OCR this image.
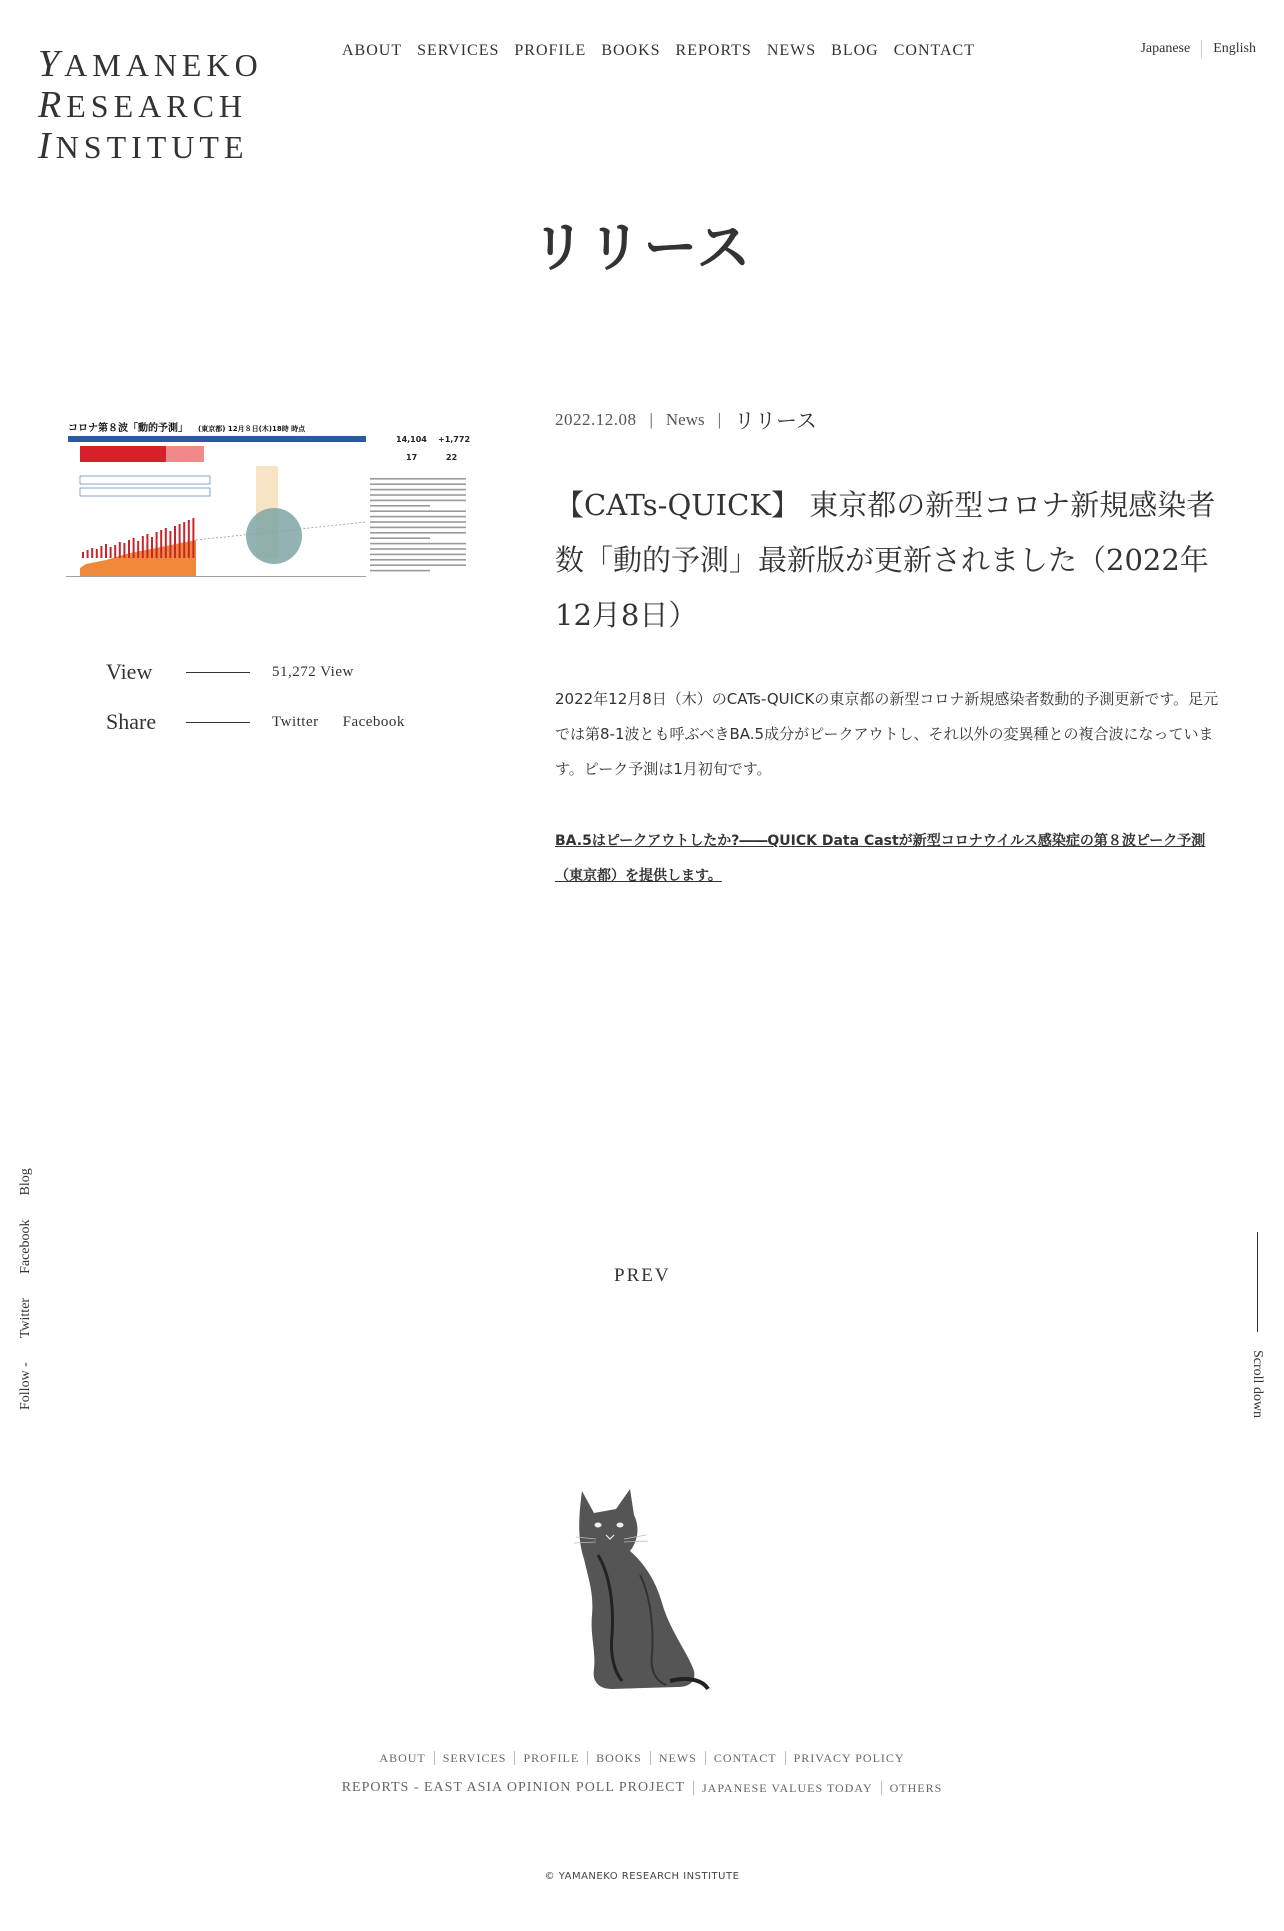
YAMANEKO
RESEARCH
INSTITUTE
ABOUT SERVICES PROFILE BOOKS REPORTS NEWS BLOG CONTACT	Japanese English
リリース
コロナ第８波「動的予測」 (東京都) 12月８日(木)18時 時点
14,104 +1,772
17	22
View	51,272 View
Share	Twitter Facebook
2022.12.08 | News | リリース
【CATs-QUICK】 東京都の新型コロナ新規感染者数「動的予測」最新版が更新されました（2022年12月8日）

2022年12月8日（木）のCATs-QUICKの東京都の新型コロナ新規感染者数動的予測更新です。足元では第8-1波とも呼ぶべきBA.5成分がピークアウトし、それ以外の変異種との複合波になっています。ピーク予測は1月初旬です。

BA.5はピークアウトしたか?――QUICK Data Castが新型コロナウイルス感染症の第８波ピーク予測（東京都）を提供します。
PREV
Follow -
Twitter
Facebook
Blog
Scroll down
ABOUT	SERVICES	PROFILE	BOOKS	NEWS	CONTACT	PRIVACY POLICY
REPORTS - EAST ASIA OPINION POLL PROJECT	JAPANESE VALUES TODAY	OTHERS
© YAMANEKO RESEARCH INSTITUTE
